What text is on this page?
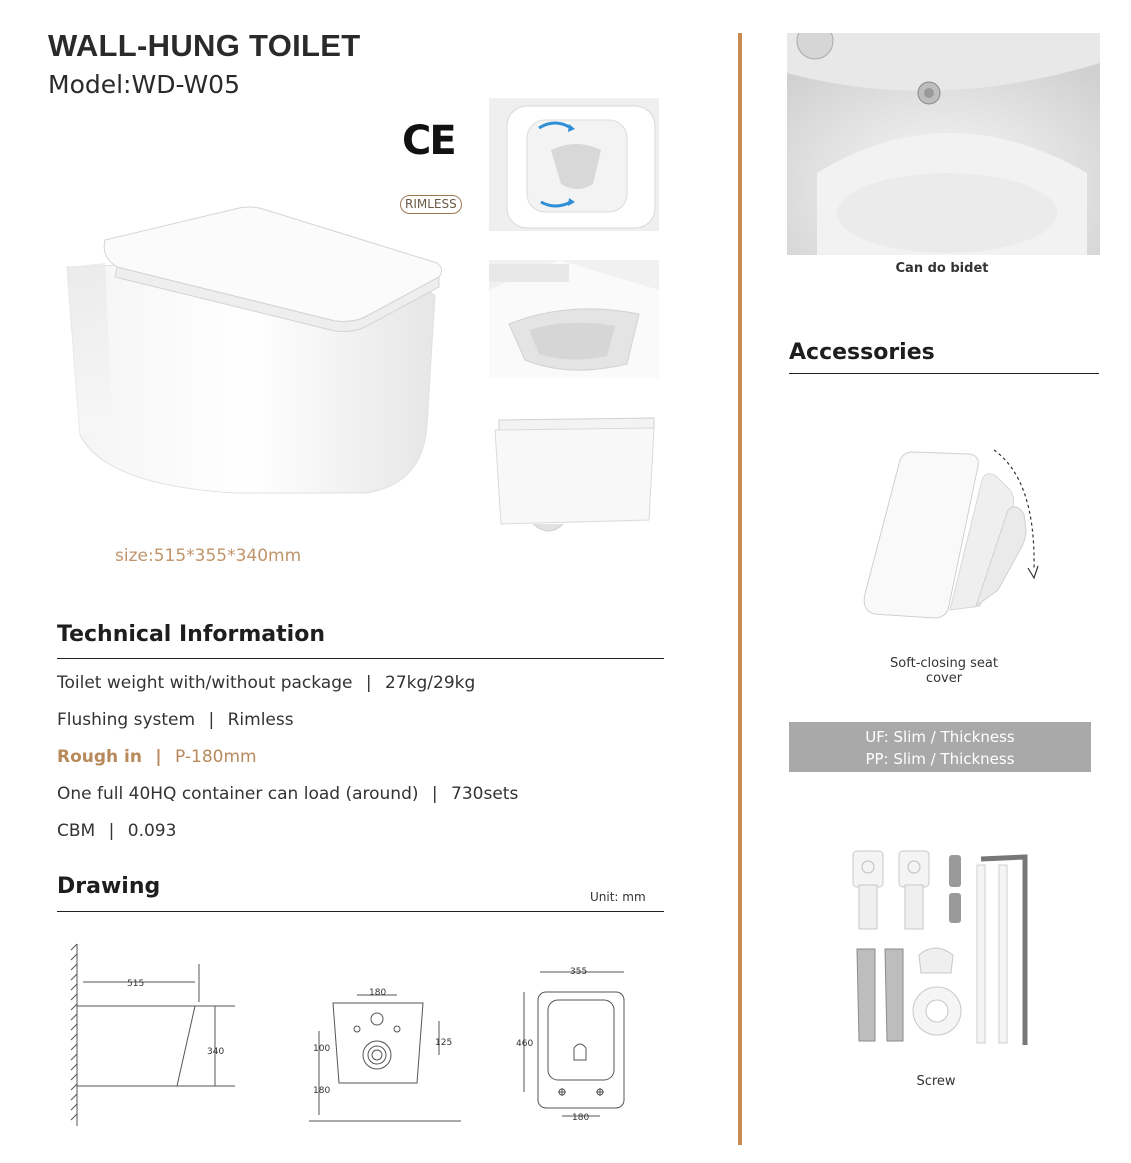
WALL-HUNG TOILET
Model:WD-W05
CE
RIMLESS
size:515*355*340mm
Technical Information
Toilet weight with/without package | 27kg/29kg
Flushing system | Rimless
Rough in | P-180mm
One full 40HQ container can load (around) | 730sets
CBM | 0.093
Drawing	Unit: mm
515
340
180
100
125
180
355
460
180
Can do bidet
Accessories
Soft-closing seat
cover
UF: Slim / Thickness
PP: Slim / Thickness
Screw
